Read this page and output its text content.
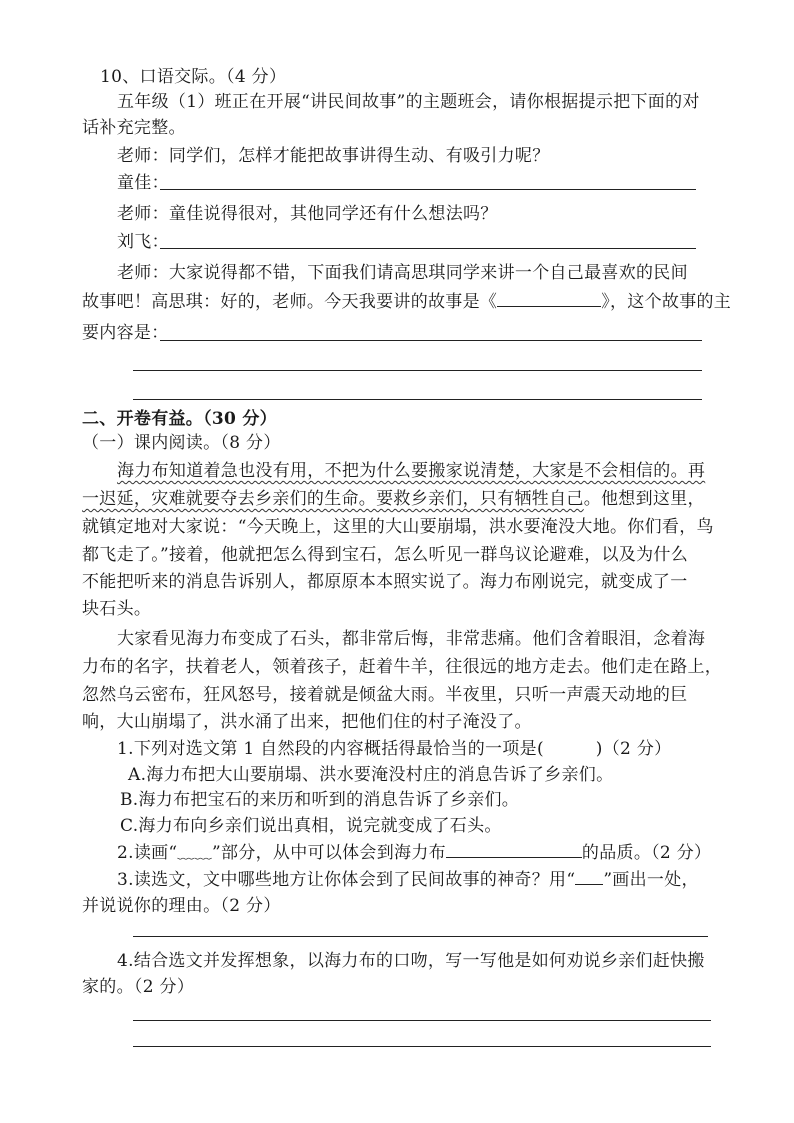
10、口语交际。（4 分）
五年级（1）班正在开展“讲民间故事”的主题班会，请你根据提示把下面的对
话补充完整。
老师：同学们，怎样才能把故事讲得生动、有吸引力呢？
童佳：
老师：童佳说得很对，其他同学还有什么想法吗？
刘飞：
老师：大家说得都不错，下面我们请高思琪同学来讲一个自己最喜欢的民间
故事吧！高思琪：好的，老师。今天我要讲的故事是《	》，这个故事的主
要内容是：
二、开卷有益。（30 分）
（一）课内阅读。（8 分）
海力布知道着急也没有用，不把为什么要搬家说清楚，大家是不会相信的。再
一迟延，灾难就要夺去乡亲们的生命。要救乡亲们，只有牺牲自己。他想到这里，
就镇定地对大家说：“今天晚上，这里的大山要崩塌，洪水要淹没大地。你们看，鸟
都飞走了。”接着，他就把怎么得到宝石，怎么听见一群鸟议论避难，以及为什么
不能把听来的消息告诉别人，都原原本本照实说了。海力布刚说完，就变成了一
块石头。
大家看见海力布变成了石头，都非常后悔，非常悲痛。他们含着眼泪，念着海
力布的名字，扶着老人，领着孩子，赶着牛羊，往很远的地方走去。他们走在路上，
忽然乌云密布，狂风怒号，接着就是倾盆大雨。半夜里，只听一声震天动地的巨
响，大山崩塌了，洪水涌了出来，把他们住的村子淹没了。
1.下列对选文第 1 自然段的内容概括得最恰当的一项是(　　　)（2 分）
A.海力布把大山要崩塌、洪水要淹没村庄的消息告诉了乡亲们。
B.海力布把宝石的来历和听到的消息告诉了乡亲们。
C.海力布向乡亲们说出真相，说完就变成了石头。
2.读画“﹏﹏”部分，从中可以体会到海力布	的品质。（2 分）
3.读选文，文中哪些地方让你体会到了民间故事的神奇？用“ ”画出一处，
并说说你的理由。（2 分）
4.结合选文并发挥想象，以海力布的口吻，写一写他是如何劝说乡亲们赶快搬
家的。（2 分）
